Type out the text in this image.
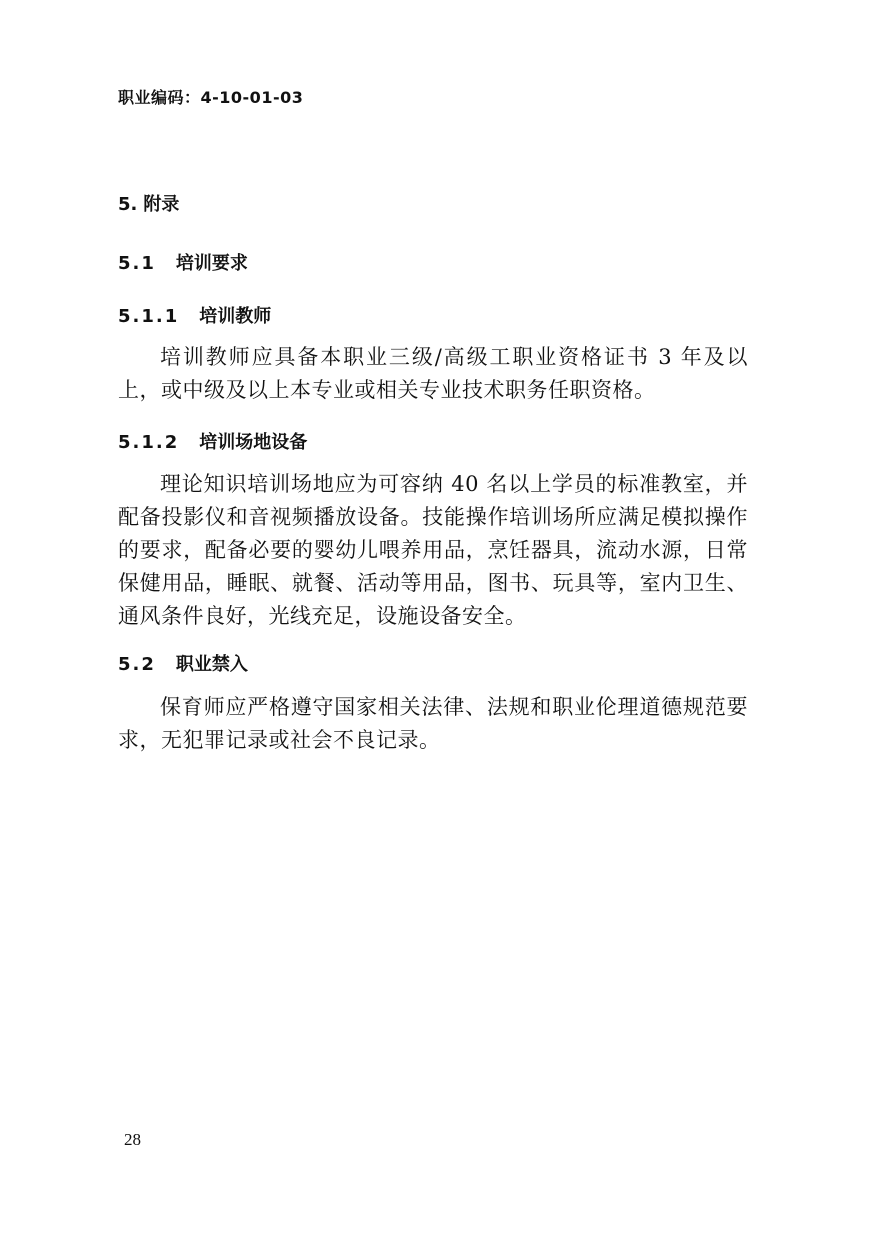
职业编码：4-10-01-03
5. 附录
5.1 培训要求
5.1.1 培训教师
培训教师应具备本职业三级/高级工职业资格证书 3 年及以上，或中级及以上本专业或相关专业技术职务任职资格。
5.1.2 培训场地设备
理论知识培训场地应为可容纳 40 名以上学员的标准教室，并配备投影仪和音视频播放设备。技能操作培训场所应满足模拟操作的要求，配备必要的婴幼儿喂养用品，烹饪器具，流动水源，日常保健用品，睡眠、就餐、活动等用品，图书、玩具等，室内卫生、通风条件良好，光线充足，设施设备安全。
5.2 职业禁入
保育师应严格遵守国家相关法律、法规和职业伦理道德规范要求，无犯罪记录或社会不良记录。
28
